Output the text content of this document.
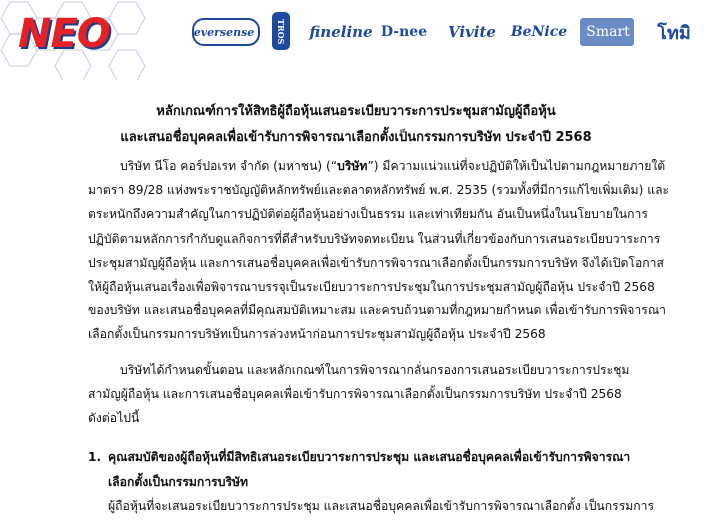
NEO	eversense	TROS fineline D-nee Vivite BeNice Smart โทมิ
หลักเกณฑ์การให้สิทธิผู้ถือหุ้นเสนอระเบียบวาระการประชุมสามัญผู้ถือหุ้น
และเสนอชื่อบุคคลเพื่อเข้ารับการพิจารณาเลือกตั้งเป็นกรรมการบริษัท ประจำปี 2568
บริษัท นีโอ คอร์ปอเรท จำกัด (มหาชน) (“บริษัท”) มีความแน่วแน่ที่จะปฏิบัติให้เป็นไปตามกฎหมายภายใต้
มาตรา 89/28 แห่งพระราชบัญญัติหลักทรัพย์และตลาดหลักทรัพย์ พ.ศ. 2535 (รวมทั้งที่มีการแก้ไขเพิ่มเติม) และ
ตระหนักถึงความสำคัญในการปฏิบัติต่อผู้ถือหุ้นอย่างเป็นธรรม และเท่าเทียมกัน อันเป็นหนึ่งในนโยบายในการ
ปฏิบัติตามหลักการกำกับดูแลกิจการที่ดีสำหรับบริษัทจดทะเบียน ในส่วนที่เกี่ยวข้องกับการเสนอระเบียบวาระการ
ประชุมสามัญผู้ถือหุ้น และการเสนอชื่อบุคคลเพื่อเข้ารับการพิจารณาเลือกตั้งเป็นกรรมการบริษัท จึงได้เปิดโอกาส
ให้ผู้ถือหุ้นเสนอเรื่องเพื่อพิจารณาบรรจุเป็นระเบียบวาระการประชุมในการประชุมสามัญผู้ถือหุ้น ประจำปี 2568
ของบริษัท และเสนอชื่อบุคคลที่มีคุณสมบัติเหมาะสม และครบถ้วนตามที่กฎหมายกำหนด เพื่อเข้ารับการพิจารณา
เลือกตั้งเป็นกรรมการบริษัทเป็นการล่วงหน้าก่อนการประชุมสามัญผู้ถือหุ้น ประจำปี 2568
บริษัทได้กำหนดขั้นตอน และหลักเกณฑ์ในการพิจารณากลั่นกรองการเสนอระเบียบวาระการประชุม
สามัญผู้ถือหุ้น และการเสนอชื่อบุคคลเพื่อเข้ารับการพิจารณาเลือกตั้งเป็นกรรมการบริษัท ประจำปี 2568
ดังต่อไปนี้
1. คุณสมบัติของผู้ถือหุ้นที่มีสิทธิเสนอระเบียบวาระการประชุม และเสนอชื่อบุคคลเพื่อเข้ารับการพิจารณา
เลือกตั้งเป็นกรรมการบริษัท
ผู้ถือหุ้นที่จะเสนอระเบียบวาระการประชุม และเสนอชื่อบุคคลเพื่อเข้ารับการพิจารณาเลือกตั้ง เป็นกรรมการ
